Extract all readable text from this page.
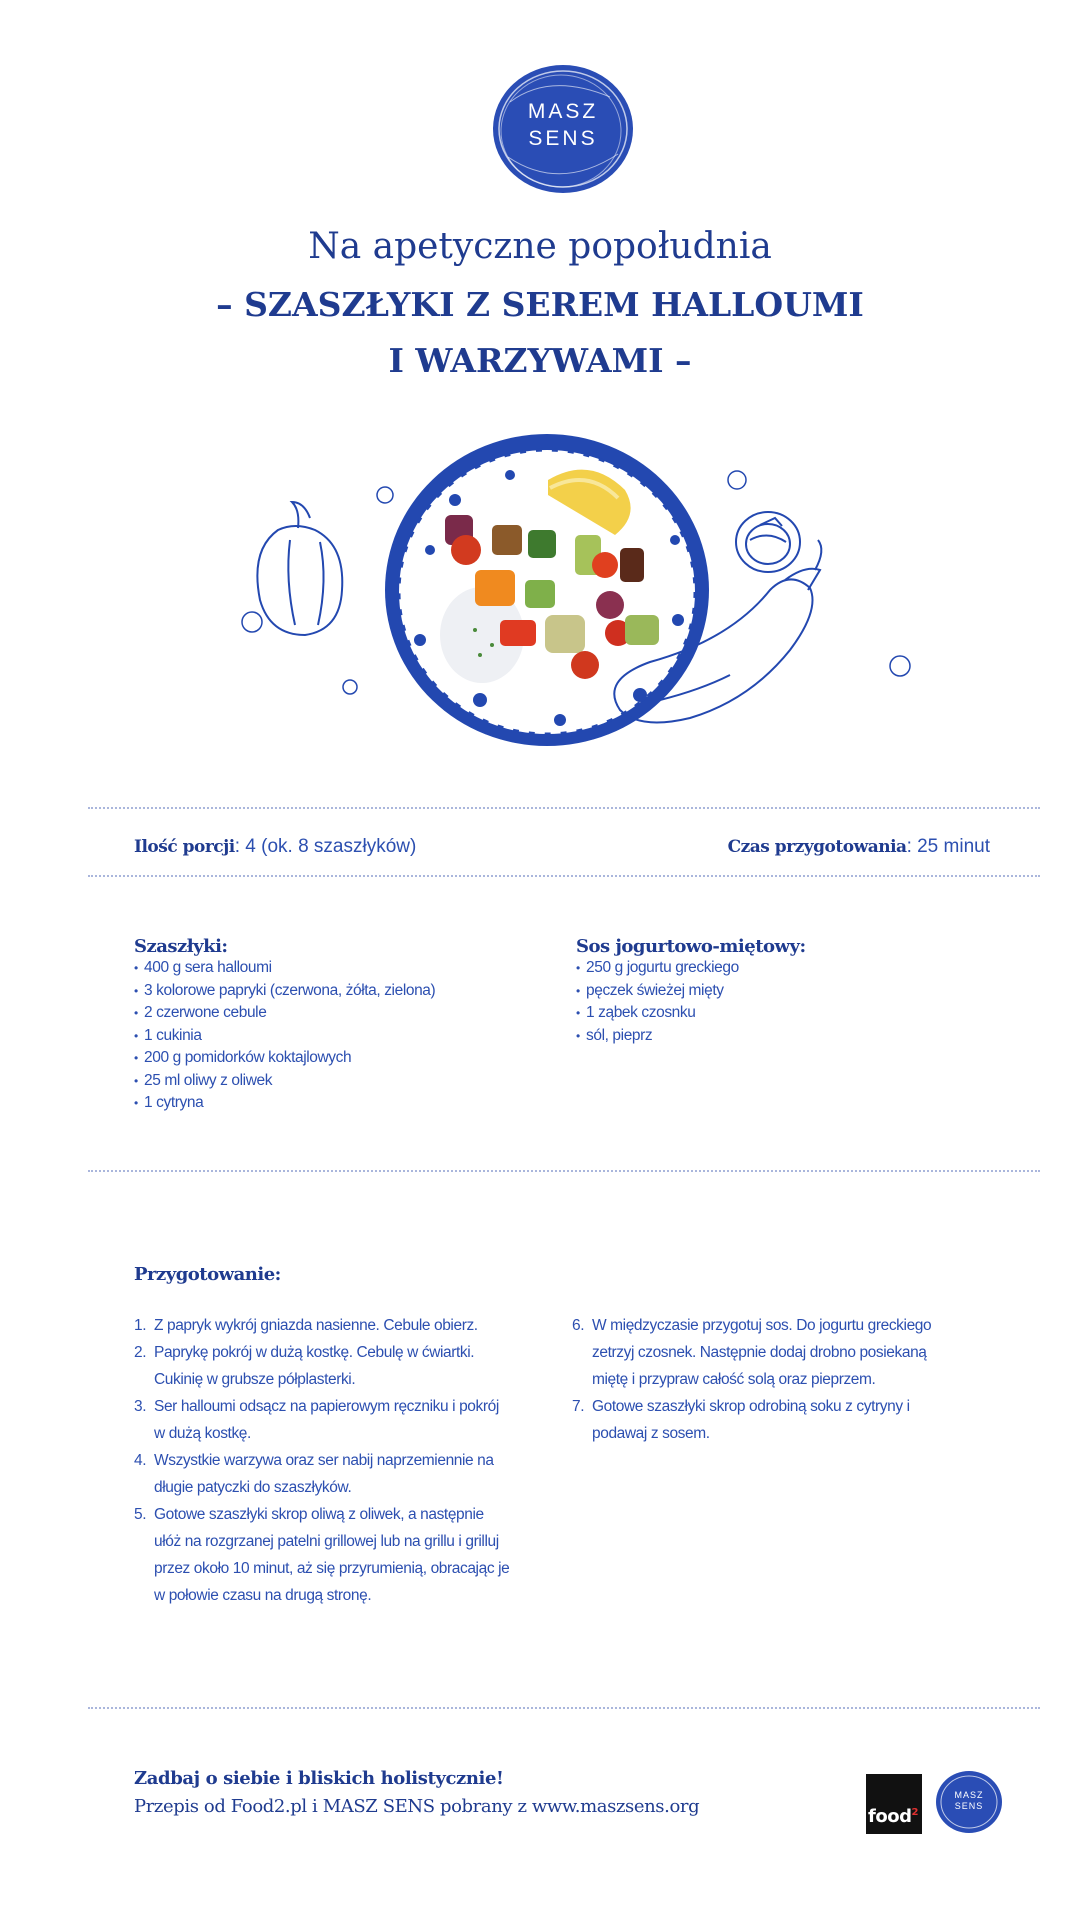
MASZ
SENS
Na apetyczne popołudnia
– SZASZŁYKI Z SEREM HALLOUMI
I WARZYWAMI –
Ilość porcji: 4 (ok. 8 szaszłyków)	Czas przygotowania: 25 minut
Szaszłyki:
• 400 g sera halloumi
• 3 kolorowe papryki (czerwona, żółta, zielona)
• 2 czerwone cebule
• 1 cukinia
• 200 g pomidorków koktajlowych
• 25 ml oliwy z oliwek
• 1 cytryna
Sos jogurtowo-miętowy:
• 250 g jogurtu greckiego
• pęczek świeżej mięty
• 1 ząbek czosnku
• sól, pieprz
Przygotowanie:
1. Z papryk wykrój gniazda nasienne. Cebule obierz.
2. Paprykę pokrój w dużą kostkę. Cebulę w ćwiartki.
Cukinię w grubsze półplasterki.
3. Ser halloumi odsącz na papierowym ręczniku i pokrój
w dużą kostkę.
4. Wszystkie warzywa oraz ser nabij naprzemiennie na
długie patyczki do szaszłyków.
5. Gotowe szaszłyki skrop oliwą z oliwek, a następnie
ułóż na rozgrzanej patelni grillowej lub na grillu i grilluj
przez około 10 minut, aż się przyrumienią, obracając je
w połowie czasu na drugą stronę.
6. W międzyczasie przygotuj sos. Do jogurtu greckiego
zetrzyj czosnek. Następnie dodaj drobno posiekaną
miętę i przypraw całość solą oraz pieprzem.
7. Gotowe szaszłyki skrop odrobiną soku z cytryny i
podawaj z sosem.
Zadbaj o siebie i bliskich holistycznie!
Przepis od Food2.pl i MASZ SENS pobrany z www.maszsens.org	food$^2$
MASZ
SENS
